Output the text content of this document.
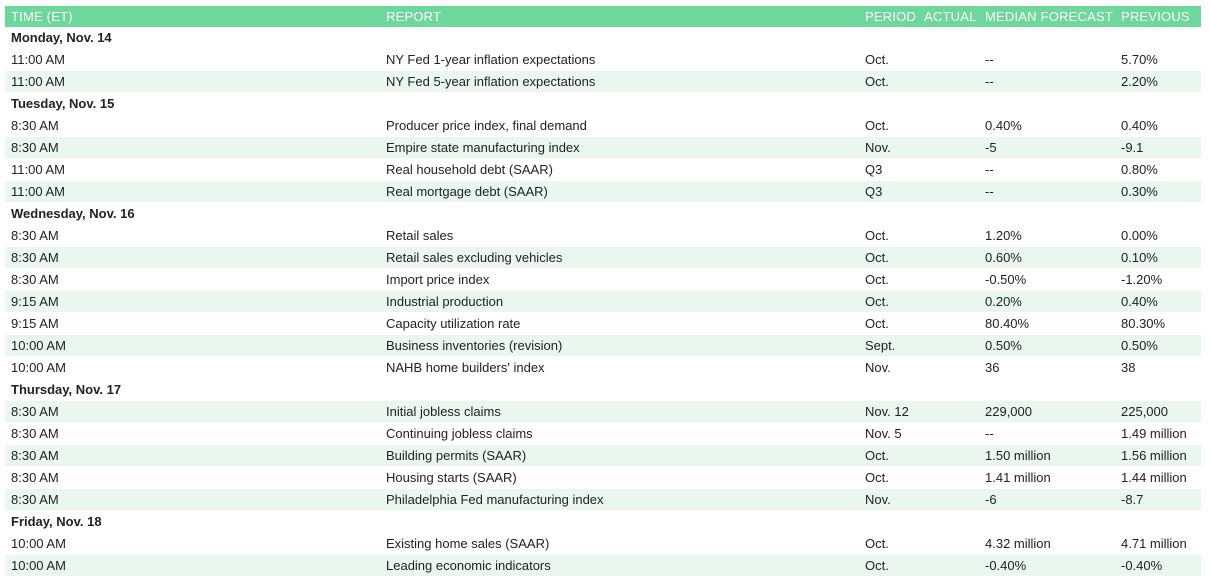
TIME (ET)	REPORT	PERIOD	ACTUAL	MEDIAN FORECAST	PREVIOUS
Monday, Nov. 14					
11:00 AM	NY Fed 1-year inflation expectations	Oct.		--	5.70%
11:00 AM	NY Fed 5-year inflation expectations	Oct.		--	2.20%
Tuesday, Nov. 15					
8:30 AM	Producer price index, final demand	Oct.		0.40%	0.40%
8:30 AM	Empire state manufacturing index	Nov.		-5	-9.1
11:00 AM	Real household debt (SAAR)	Q3		--	0.80%
11:00 AM	Real mortgage debt (SAAR)	Q3		--	0.30%
Wednesday, Nov. 16					
8:30 AM	Retail sales	Oct.		1.20%	0.00%
8:30 AM	Retail sales excluding vehicles	Oct.		0.60%	0.10%
8:30 AM	Import price index	Oct.		-0.50%	-1.20%
9:15 AM	Industrial production	Oct.		0.20%	0.40%
9:15 AM	Capacity utilization rate	Oct.		80.40%	80.30%
10:00 AM	Business inventories (revision)	Sept.		0.50%	0.50%
10:00 AM	NAHB home builders' index	Nov.		36	38
Thursday, Nov. 17					
8:30 AM	Initial jobless claims	Nov. 12		229,000	225,000
8:30 AM	Continuing jobless claims	Nov. 5		--	1.49 million
8:30 AM	Building permits (SAAR)	Oct.		1.50 million	1.56 million
8:30 AM	Housing starts (SAAR)	Oct.		1.41 million	1.44 million
8:30 AM	Philadelphia Fed manufacturing index	Nov.		-6	-8.7
Friday, Nov. 18					
10:00 AM	Existing home sales (SAAR)	Oct.		4.32 million	4.71 million
10:00 AM	Leading economic indicators	Oct.		-0.40%	-0.40%
